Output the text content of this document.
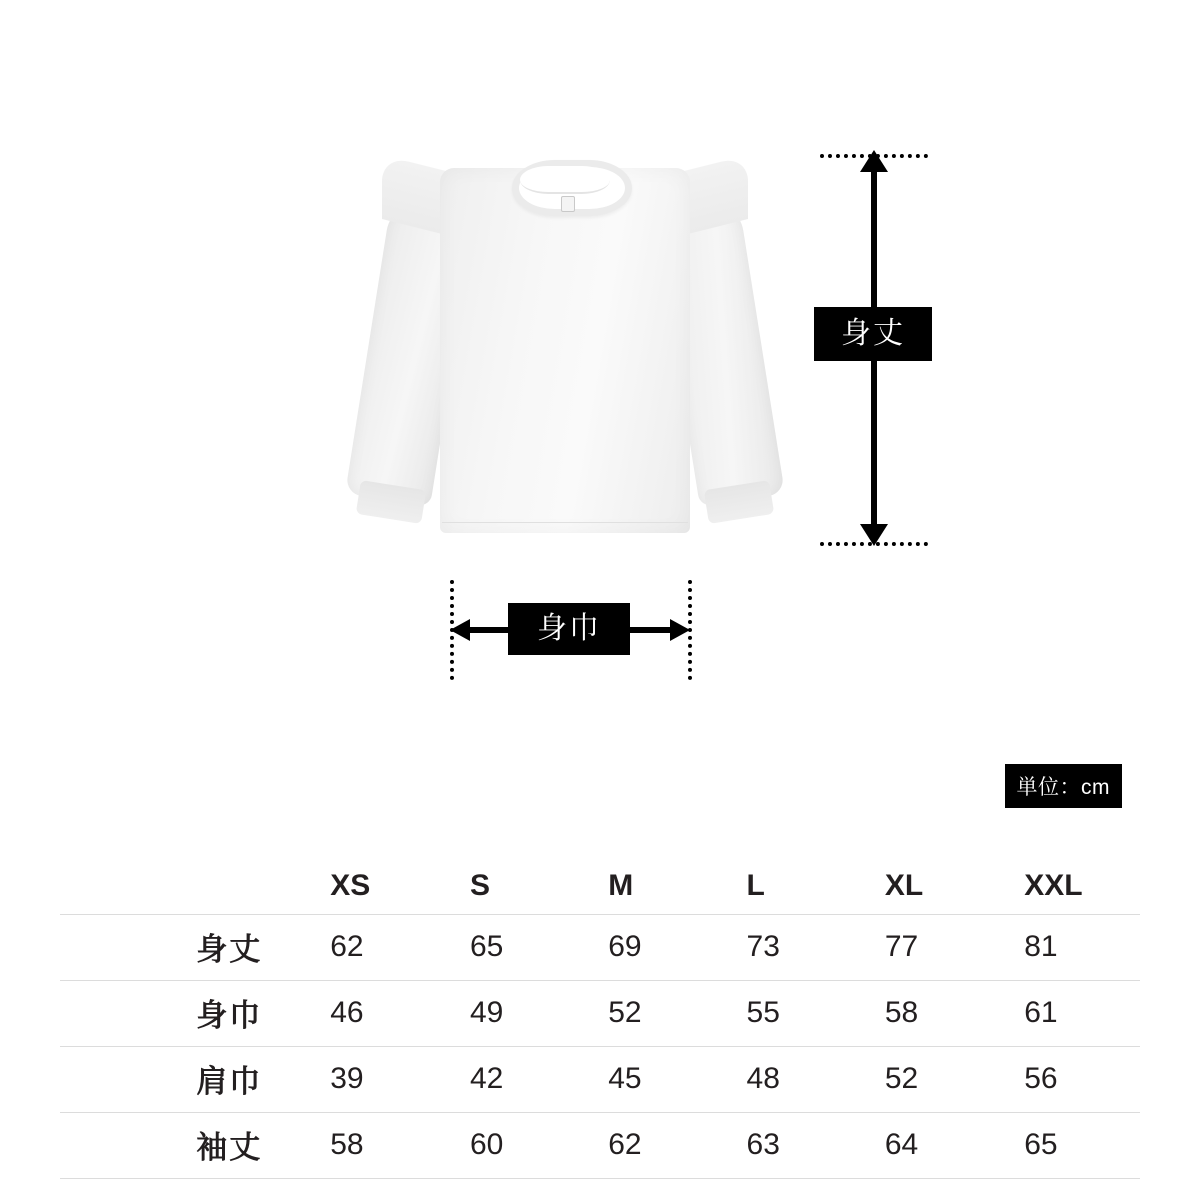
身丈
身巾
単位：cm
	XS	S	M	L	XL	XXL
身丈	62	65	69	73	77	81
身巾	46	49	52	55	58	61
肩巾	39	42	45	48	52	56
袖丈	58	60	62	63	64	65
